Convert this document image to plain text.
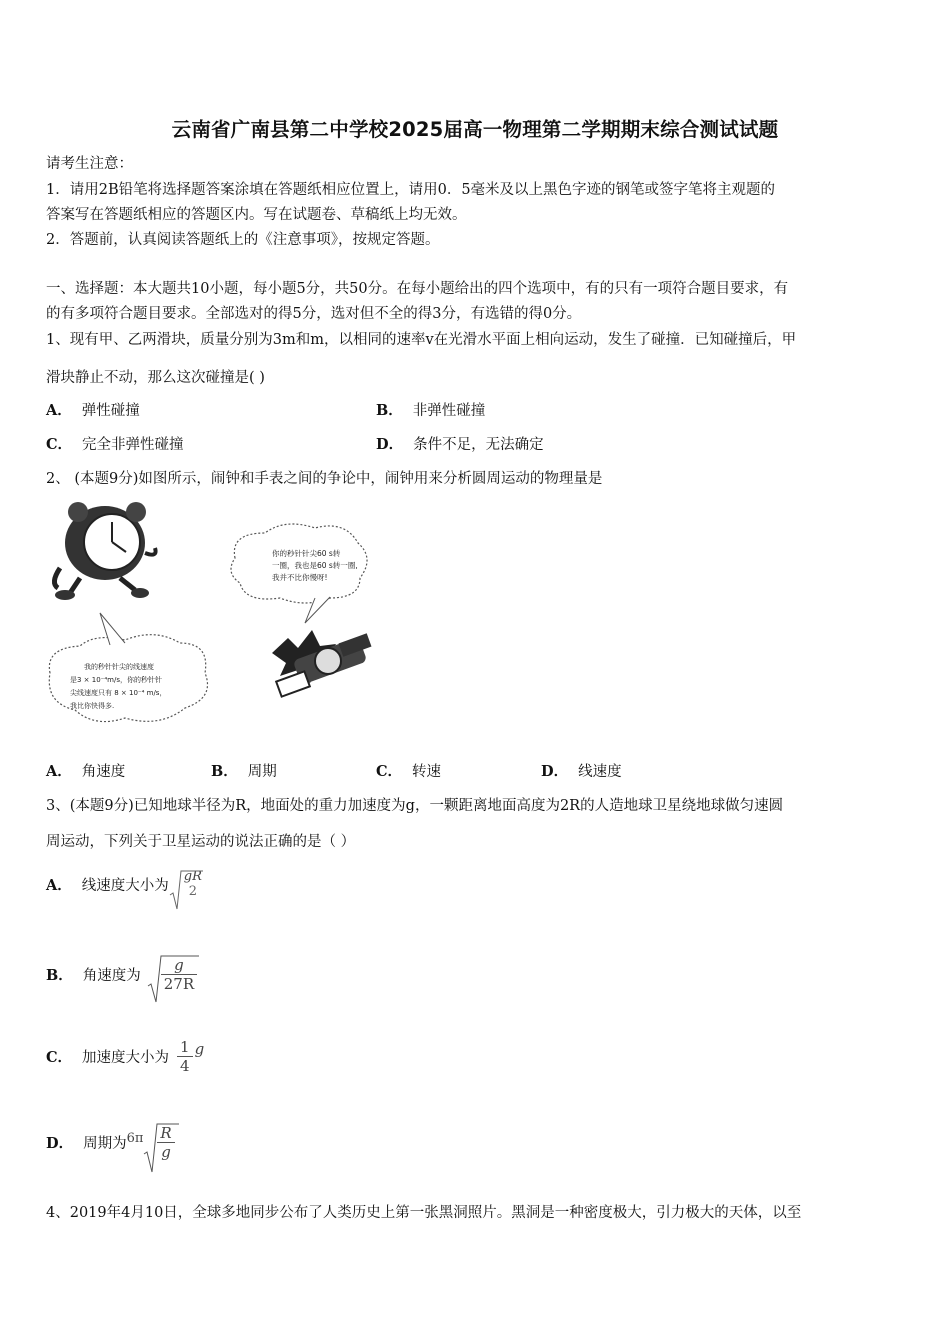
云南省广南县第二中学校2025届高一物理第二学期期末综合测试试题
请考生注意：
1．请用2B铅笔将选择题答案涂填在答题纸相应位置上，请用0．5毫米及以上黑色字迹的钢笔或签字笔将主观题的
答案写在答题纸相应的答题区内。写在试题卷、草稿纸上均无效。
2．答题前，认真阅读答题纸上的《注意事项》，按规定答题。
一、选择题：本大题共10小题，每小题5分，共50分。在每小题给出的四个选项中，有的只有一项符合题目要求，有
的有多项符合题目要求。全部选对的得5分，选对但不全的得3分，有选错的得0分。
1、现有甲、乙两滑块，质量分别为3m和m，以相同的速率v在光滑水平面上相向运动，发生了碰撞．已知碰撞后，甲
滑块静止不动，那么这次碰撞是( )
A． 弹性碰撞	B． 非弹性碰撞
C． 完全非弹性碰撞	D． 条件不足，无法确定
2、 (本题9分)如图所示，闹钟和手表之间的争论中，闹钟用来分析圆周运动的物理量是
你的秒针针尖60 s转
一圈，我也是60 s转一圈,
我并不比你慢呀!
我的秒针针尖的线速度
是3 × 10⁻⁴m/s，你的秒针针
尖线速度只有 8 × 10⁻⁴ m/s，
我比你快得多.
A． 角速度	B． 周期	C． 转速	D． 线速度
3、(本题9分)已知地球半径为R，地面处的重力加速度为g，一颗距离地面高度为2R的人造地球卫星绕地球做匀速圆
周运动，下列关于卫星运动的说法正确的是（ ）
A． 线速度大小为
gR
2
B． 角速度为 $\frac{g}{27R}$
C． 加速度大小为 $\frac{1}{4}$ g
D． 周期为 $6\pi \frac{R}{g}$
4、2019年4月10日，全球多地同步公布了人类历史上第一张黑洞照片。黑洞是一种密度极大，引力极大的天体，以至
